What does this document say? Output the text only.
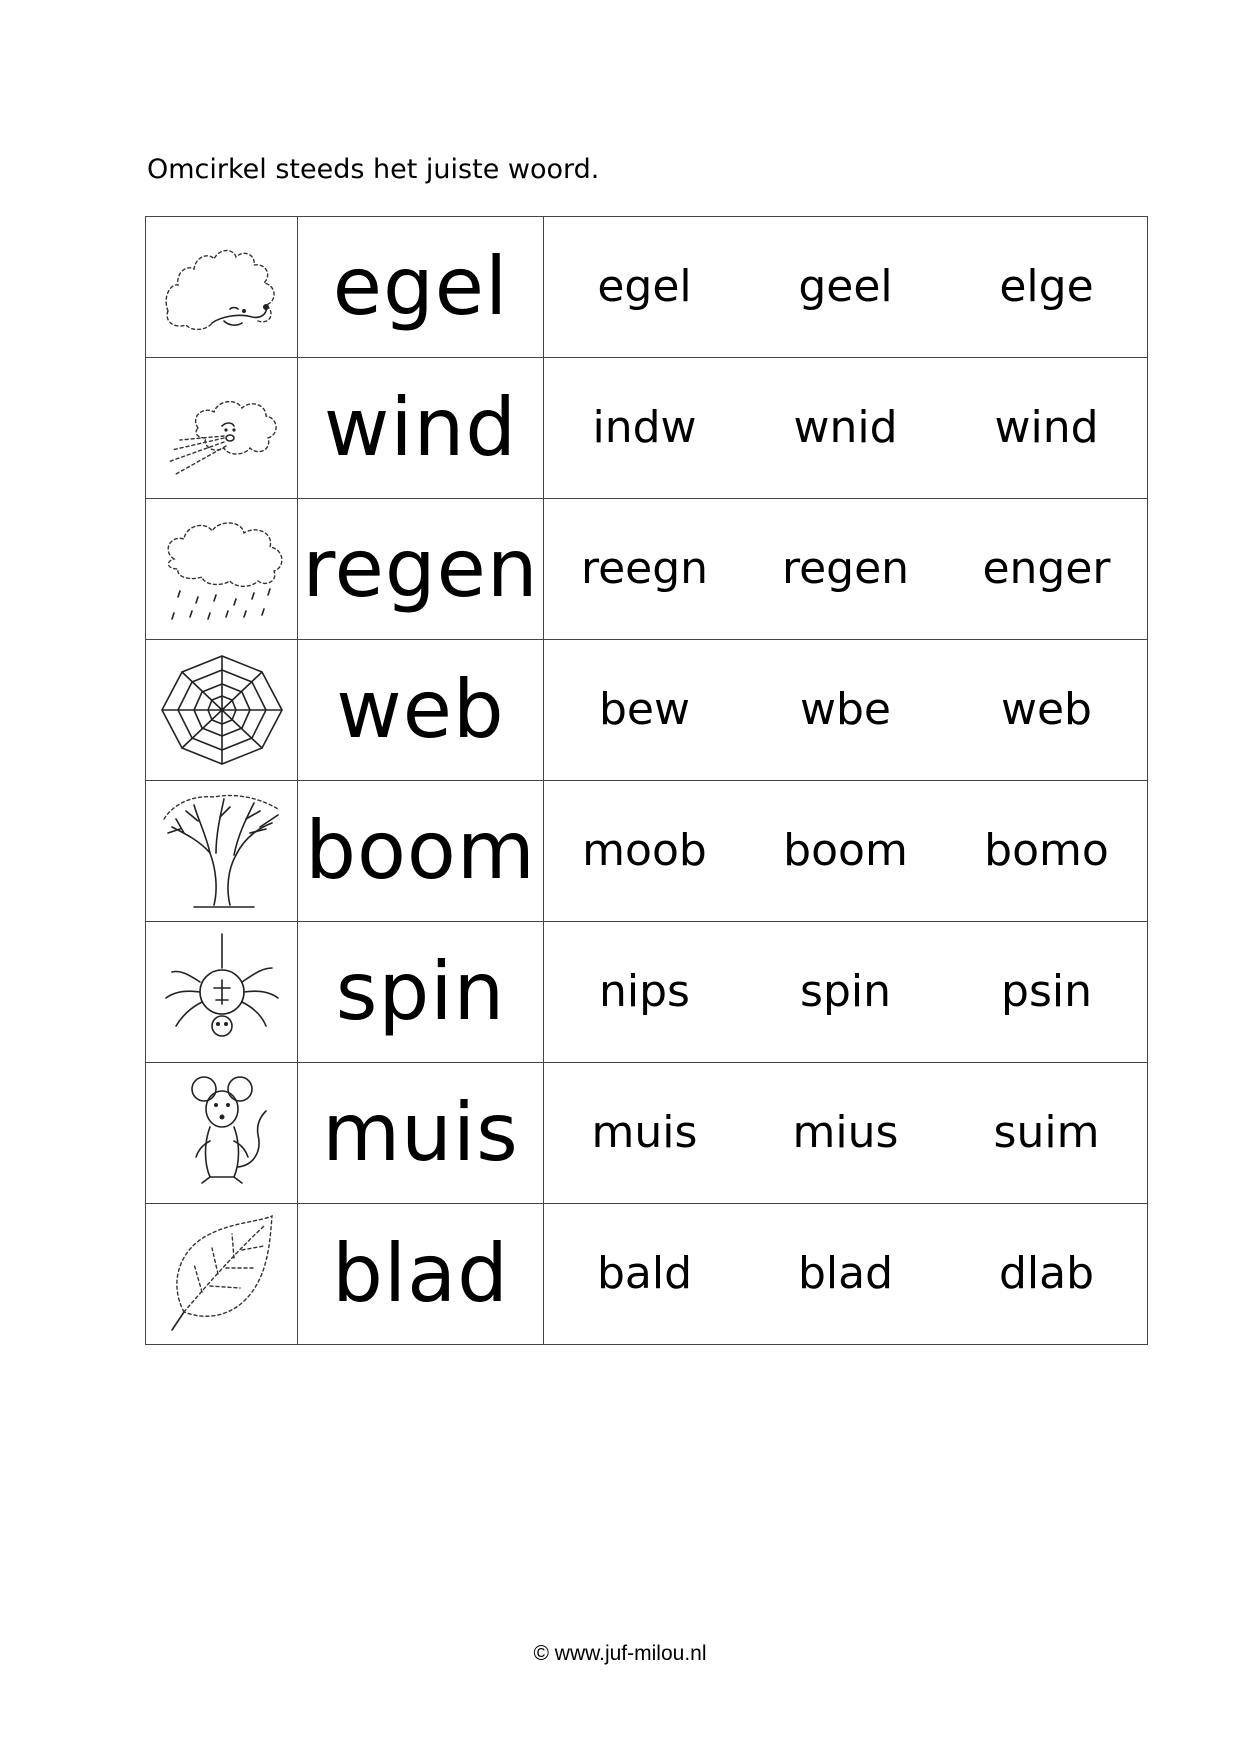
Omcirkel steeds het juiste woord.
	egel	egel geel elge

	wind	indw wnid wind

	regen	reegn regen enger

	web	bew wbe web

	boom	moob boom bomo

	spin	nips spin psin

	muis	muis mius suim

	blad	bald blad dlab
© www.juf-milou.nl
